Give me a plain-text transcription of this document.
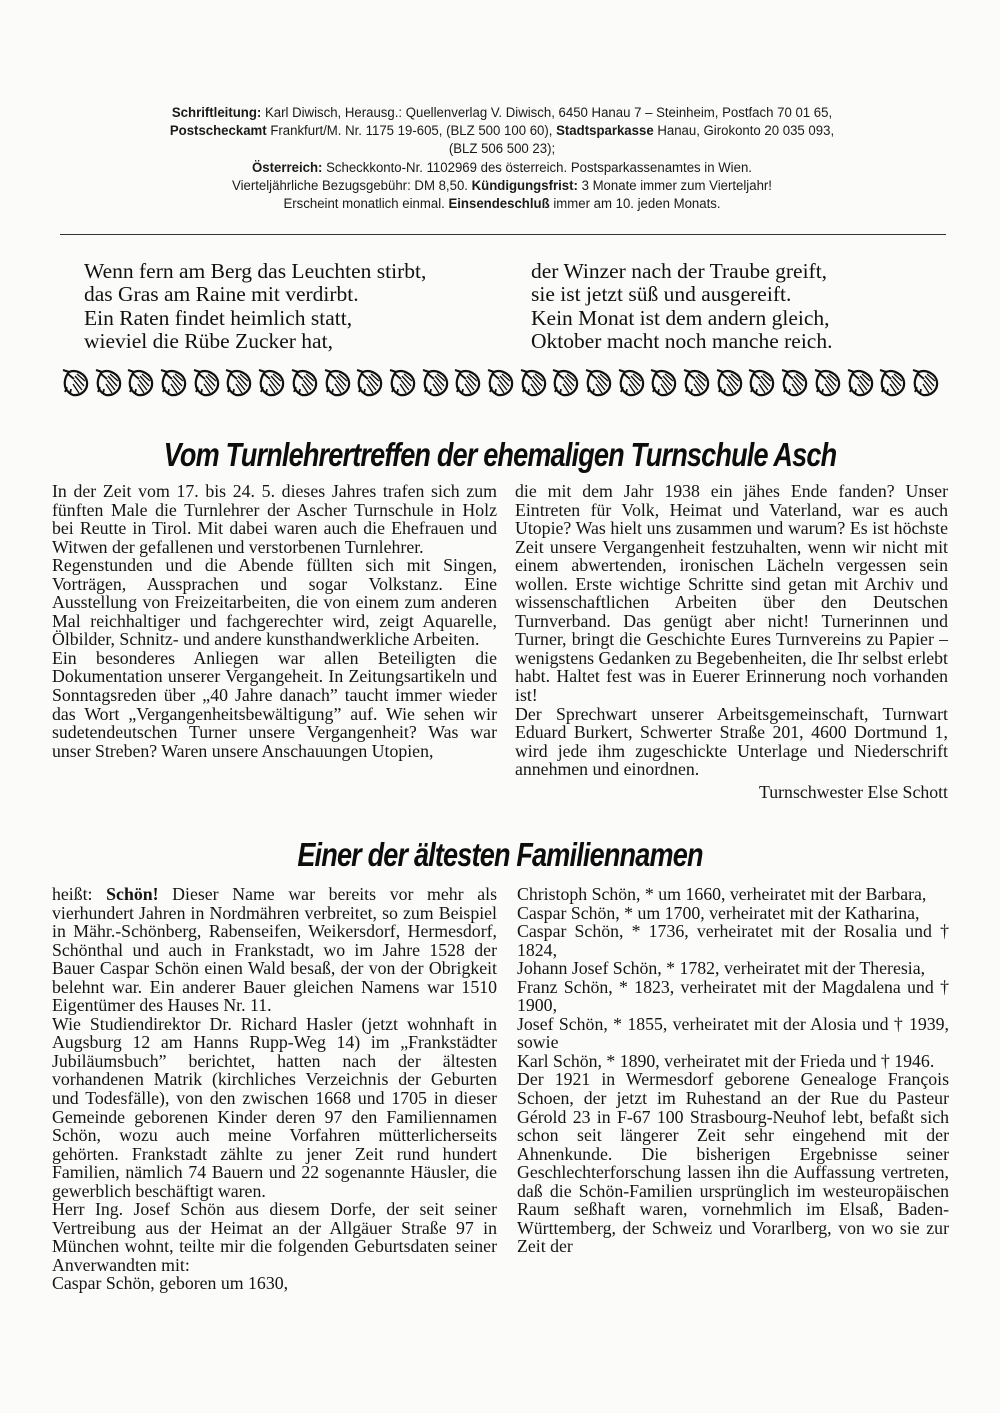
Schriftleitung: Karl Diwisch, Herausg.: Quellenverlag V. Diwisch, 6450 Hanau 7 – Steinheim, Postfach 70 01 65,
Postscheckamt Frankfurt/M. Nr. 1175 19-605, (BLZ 500 100 60), Stadtsparkasse Hanau, Girokonto 20 035 093,
(BLZ 506 500 23);
Österreich: Scheckkonto-Nr. 1102969 des österreich. Postsparkassenamtes in Wien.
Vierteljährliche Bezugsgebühr: DM 8,50. Kündigungsfrist: 3 Monate immer zum Vierteljahr!
Erscheint monatlich einmal. Einsendeschluß immer am 10. jeden Monats.
Wenn fern am Berg das Leuchten stirbt,
das Gras am Raine mit verdirbt.
Ein Raten findet heimlich statt,
wieviel die Rübe Zucker hat,
der Winzer nach der Traube greift,
sie ist jetzt süß und ausgereift.
Kein Monat ist dem andern gleich,
Oktober macht noch manche reich.
Vom Turnlehrertreffen der ehemaligen Turnschule Asch

In der Zeit vom 17. bis 24. 5. dieses Jahres trafen sich zum fünften Male die Turnlehrer der Ascher Turnschule in Holz bei Reutte in Tirol. Mit dabei waren auch die Ehefrauen und Witwen der gefallenen und verstorbenen Turnlehrer.

Regenstunden und die Abende füllten sich mit Singen, Vorträgen, Aussprachen und sogar Volkstanz. Eine Ausstellung von Freizeitarbeiten, die von einem zum anderen Mal reichhaltiger und fachgerechter wird, zeigt Aquarelle, Ölbilder, Schnitz- und andere kunsthandwerkliche Arbeiten.

Ein besonderes Anliegen war allen Beteiligten die Dokumentation unserer Vergangeheit. In Zeitungsartikeln und Sonntagsreden über „40 Jahre danach” taucht immer wieder das Wort „Vergangenheitsbewältigung” auf. Wie sehen wir sudetendeutschen Turner unsere Vergangenheit? Was war unser Streben? Waren unsere Anschauungen Utopien,

die mit dem Jahr 1938 ein jähes Ende fanden? Unser Eintreten für Volk, Heimat und Vaterland, war es auch Utopie? Was hielt uns zusammen und warum? Es ist höchste Zeit unsere Vergangenheit festzuhalten, wenn wir nicht mit einem abwertenden, ironischen Lächeln vergessen sein wollen. Erste wichtige Schritte sind getan mit Archiv und wissenschaftlichen Arbeiten über den Deutschen Turnverband. Das genügt aber nicht! Turnerinnen und Turner, bringt die Geschichte Eures Turnvereins zu Papier – wenigstens Gedanken zu Begebenheiten, die Ihr selbst erlebt habt. Haltet fest was in Euerer Erinnerung noch vorhanden ist!

Der Sprechwart unserer Arbeitsgemeinschaft, Turnwart Eduard Burkert, Schwerter Straße 201, 4600 Dortmund 1, wird jede ihm zugeschickte Unterlage und Niederschrift annehmen und einordnen.

Turnschwester Else Schott

Einer der ältesten Familiennamen

heißt: Schön! Dieser Name war bereits vor mehr als vierhundert Jahren in Nordmähren verbreitet, so zum Beispiel in Mähr.-Schönberg, Rabenseifen, Weikersdorf, Hermesdorf, Schönthal und auch in Frankstadt, wo im Jahre 1528 der Bauer Caspar Schön einen Wald besaß, der von der Obrigkeit belehnt war. Ein anderer Bauer gleichen Namens war 1510 Eigentümer des Hauses Nr. 11.

Wie Studiendirektor Dr. Richard Hasler (jetzt wohnhaft in Augsburg 12 am Hanns Rupp-Weg 14) im „Frankstädter Jubiläumsbuch” berichtet, hatten nach der ältesten vorhandenen Matrik (kirchliches Verzeichnis der Geburten und Todesfälle), von den zwischen 1668 und 1705 in dieser Gemeinde geborenen Kinder deren 97 den Familiennamen Schön, wozu auch meine Vorfahren mütterlicherseits gehörten. Frankstadt zählte zu jener Zeit rund hundert Familien, nämlich 74 Bauern und 22 sogenannte Häusler, die gewerblich beschäftigt waren.

Herr Ing. Josef Schön aus diesem Dorfe, der seit seiner Vertreibung aus der Heimat an der Allgäuer Straße 97 in München wohnt, teilte mir die folgenden Geburtsdaten seiner Anverwandten mit:

Caspar Schön, geboren um 1630,

Christoph Schön, * um 1660, verheiratet mit der Barbara,

Caspar Schön, * um 1700, verheiratet mit der Katharina,

Caspar Schön, * 1736, verheiratet mit der Rosalia und † 1824,

Johann Josef Schön, * 1782, verheiratet mit der Theresia,

Franz Schön, * 1823, verheiratet mit der Magdalena und † 1900,

Josef Schön, * 1855, verheiratet mit der Alosia und † 1939, sowie

Karl Schön, * 1890, verheiratet mit der Frieda und † 1946.

Der 1921 in Wermesdorf geborene Genealoge François Schoen, der jetzt im Ruhestand an der Rue du Pasteur Gérold 23 in F-67 100 Strasbourg-Neuhof lebt, befaßt sich schon seit längerer Zeit sehr eingehend mit der Ahnenkunde. Die bisherigen Ergebnisse seiner Geschlechterforschung lassen ihn die Auffassung vertreten, daß die Schön-Familien ursprünglich im westeuropäischen Raum seßhaft waren, vornehmlich im Elsaß, Baden-Württemberg, der Schweiz und Vorarlberg, von wo sie zur Zeit der
